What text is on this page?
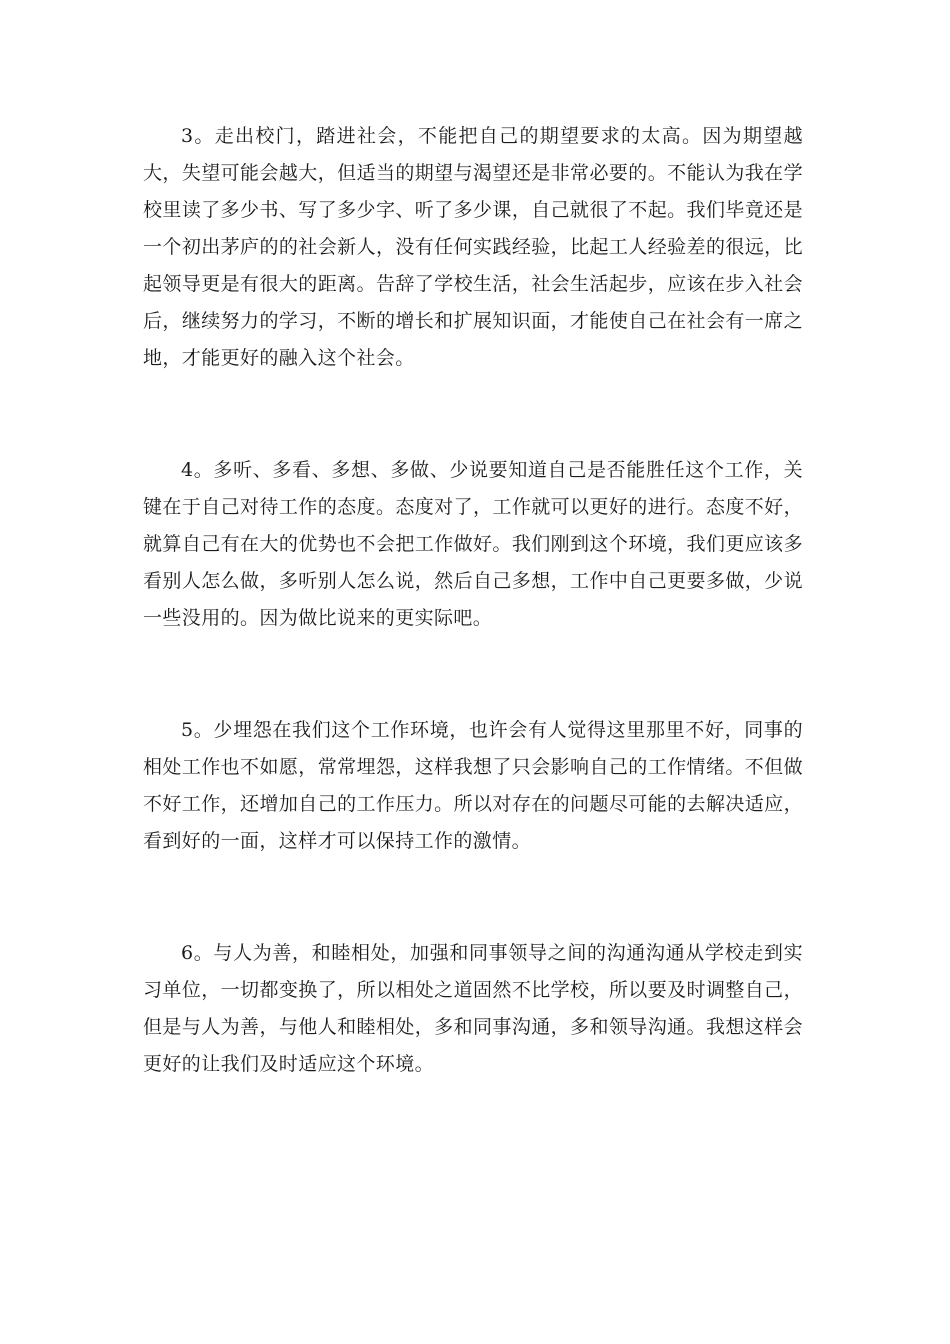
3。走出校门，踏进社会，不能把自己的期望要求的太高。因为期望越大，失望可能会越大，但适当的期望与渴望还是非常必要的。不能认为我在学校里读了多少书、写了多少字、听了多少课，自己就很了不起。我们毕竟还是一个初出茅庐的的社会新人，没有任何实践经验，比起工人经验差的很远，比起领导更是有很大的距离。告辞了学校生活，社会生活起步，应该在步入社会后，继续努力的学习，不断的增长和扩展知识面，才能使自己在社会有一席之地，才能更好的融入这个社会。

4。多听、多看、多想、多做、少说要知道自己是否能胜任这个工作，关键在于自己对待工作的态度。态度对了，工作就可以更好的进行。态度不好，就算自己有在大的优势也不会把工作做好。我们刚到这个环境，我们更应该多看别人怎么做，多听别人怎么说，然后自己多想，工作中自己更要多做，少说一些没用的。因为做比说来的更实际吧。

5。少埋怨在我们这个工作环境，也许会有人觉得这里那里不好，同事的相处工作也不如愿，常常埋怨，这样我想了只会影响自己的工作情绪。不但做不好工作，还增加自己的工作压力。所以对存在的问题尽可能的去解决适应，看到好的一面，这样才可以保持工作的激情。

6。与人为善，和睦相处，加强和同事领导之间的沟通沟通从学校走到实习单位，一切都变换了，所以相处之道固然不比学校，所以要及时调整自己，但是与人为善，与他人和睦相处，多和同事沟通，多和领导沟通。我想这样会更好的让我们及时适应这个环境。
